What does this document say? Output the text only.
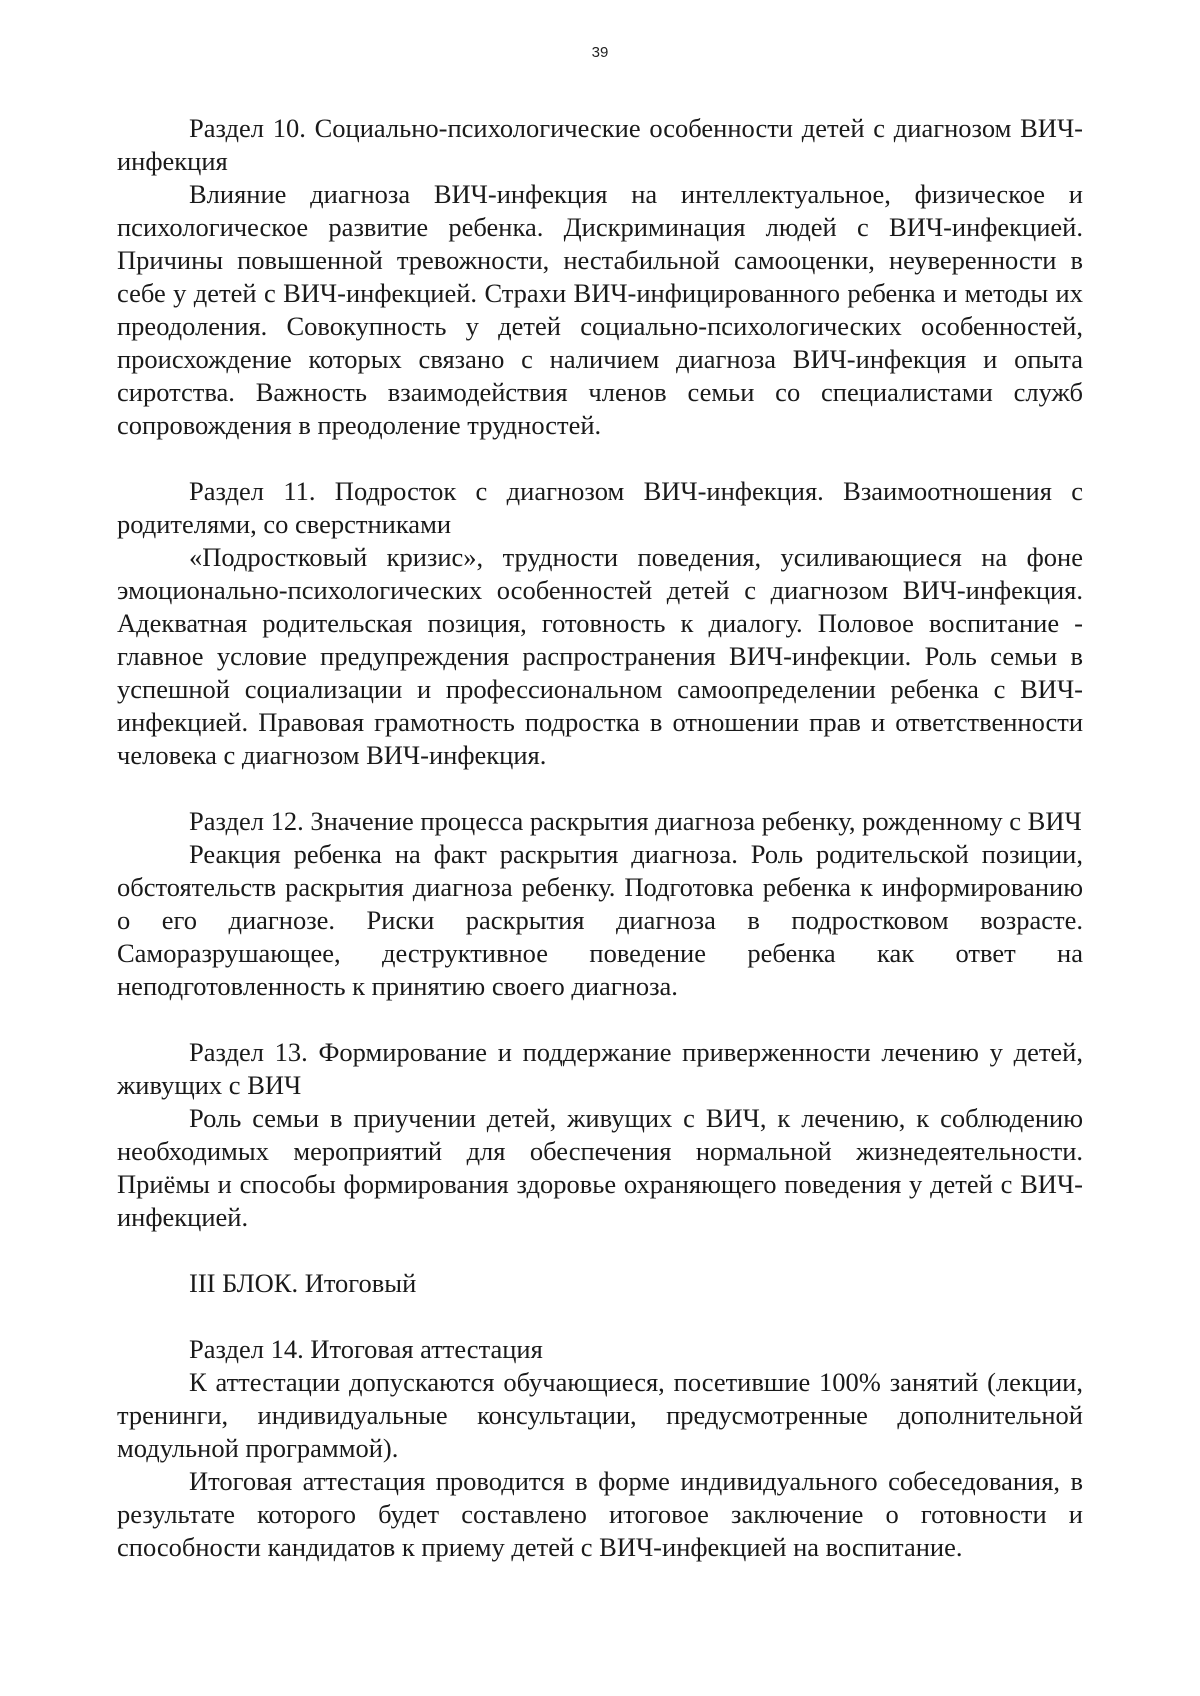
39

Раздел 10. Социально-психологические особенности детей с диагнозом ВИЧ-инфекция

Влияние диагноза ВИЧ-инфекция на интеллектуальное, физическое и психологическое развитие ребенка. Дискриминация людей с ВИЧ-инфекцией. Причины повышенной тревожности, нестабильной самооценки, неуверенности в себе у детей с ВИЧ-инфекцией. Страхи ВИЧ-инфицированного ребенка и методы их преодоления. Совокупность у детей социально-психологических особенностей, происхождение которых связано с наличием диагноза ВИЧ-инфекция и опыта сиротства. Важность взаимодействия членов семьи со специалистами служб сопровождения в преодоление трудностей.

Раздел 11. Подросток с диагнозом ВИЧ-инфекция. Взаимоотношения с родителями, со сверстниками

«Подростковый кризис», трудности поведения, усиливающиеся на фоне эмоционально-психологических особенностей детей с диагнозом ВИЧ-инфекция. Адекватная родительская позиция, готовность к диалогу. Половое воспитание - главное условие предупреждения распространения ВИЧ-инфекции. Роль семьи в успешной социализации и профессиональном самоопределении ребенка с ВИЧ-инфекцией. Правовая грамотность подростка в отношении прав и ответственности человека с диагнозом ВИЧ-инфекция.

Раздел 12. Значение процесса раскрытия диагноза ребенку, рожденному с ВИЧ

Реакция ребенка на факт раскрытия диагноза. Роль родительской позиции, обстоятельств раскрытия диагноза ребенку. Подготовка ребенка к информированию о его диагнозе. Риски раскрытия диагноза в подростковом возрасте. Саморазрушающее, деструктивное поведение ребенка как ответ на неподготовленность к принятию своего диагноза.

Раздел 13. Формирование и поддержание приверженности лечению у детей, живущих с ВИЧ

Роль семьи в приучении детей, живущих с ВИЧ, к лечению, к соблюдению необходимых мероприятий для обеспечения нормальной жизнедеятельности. Приёмы и способы формирования здоровье охраняющего поведения у детей с ВИЧ-инфекцией.

III БЛОК. Итоговый

Раздел 14. Итоговая аттестация

К аттестации допускаются обучающиеся, посетившие 100% занятий (лекции, тренинги, индивидуальные консультации, предусмотренные дополнительной модульной программой).

Итоговая аттестация проводится в форме индивидуального собеседования, в результате которого будет составлено итоговое заключение о готовности и способности кандидатов к приему детей с ВИЧ-инфекцией на воспитание.
